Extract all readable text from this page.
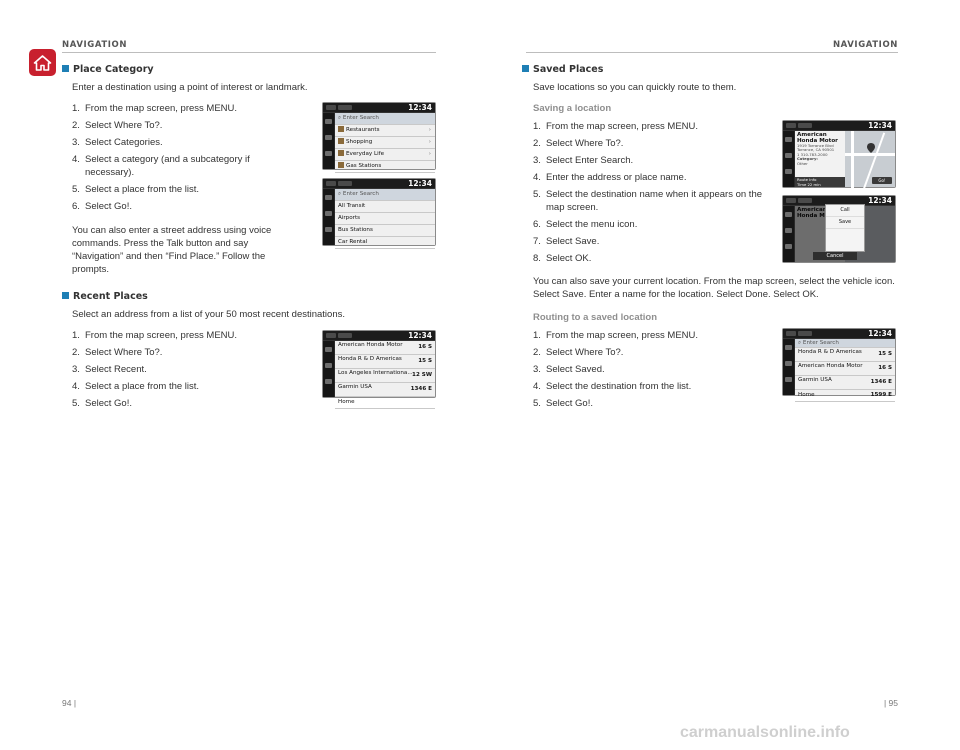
NAVIGATION
Place Category
Enter a destination using a point of interest or landmark.
1. From the map screen, press MENU.
2. Select Where To?.
3. Select Categories.
4. Select a category (and a subcategory if necessary).
5. Select a place from the list.
6. Select Go!.

You can also enter a street address using voice commands. Press the Talk button and say “Navigation” and then “Find Place.” Follow the prompts.

12:34
⌕ Enter Search
Restaurants	›
Shopping	›
Everyday Life	›
Gas Stations
12:34
⌕ Enter Search
All Transit
Airports
Bus Stations
Car Rental
Recent Places
Select an address from a list of your 50 most recent destinations.
1. From the map screen, press MENU.
2. Select Where To?.
3. Select Recent.
4. Select a place from the list.
5. Select Go!.
12:34
American Honda Motor	16 S
Honda R & D Americas	15 S
Los Angeles Internationa... 12 SW
Garmin USA	1346 E
Home
94 |
NAVIGATION
Saved Places
Save locations so you can quickly route to them.
Saving a location
1. From the map screen, press MENU.
2. Select Where To?.
3. Select Enter Search.
4. Enter the address or place name.
5. Select the destination name when it appears on the map screen.
6. Select the menu icon.
7. Select Save.
8. Select OK.
12:34
American Honda Motor
1919 Torrance Blvd Torrance, CA 90501
1 310-783-2000
Category:
Other
Route Info
Time 22 min
Go!
12:34
Call
Save
Cancel

You can also save your current location. From the map screen, select the vehicle icon. Select Save. Enter a name for the location. Select Done. Select OK.

Routing to a saved location
1. From the map screen, press MENU.
2. Select Where To?.
3. Select Saved.
4. Select the destination from the list.
5. Select Go!.
12:34
⌕ Enter Search
Honda R & D Americas	15 S
American Honda Motor	16 S
Garmin USA	1346 E
Home	1599 E
| 95
carmanualsonline.info
